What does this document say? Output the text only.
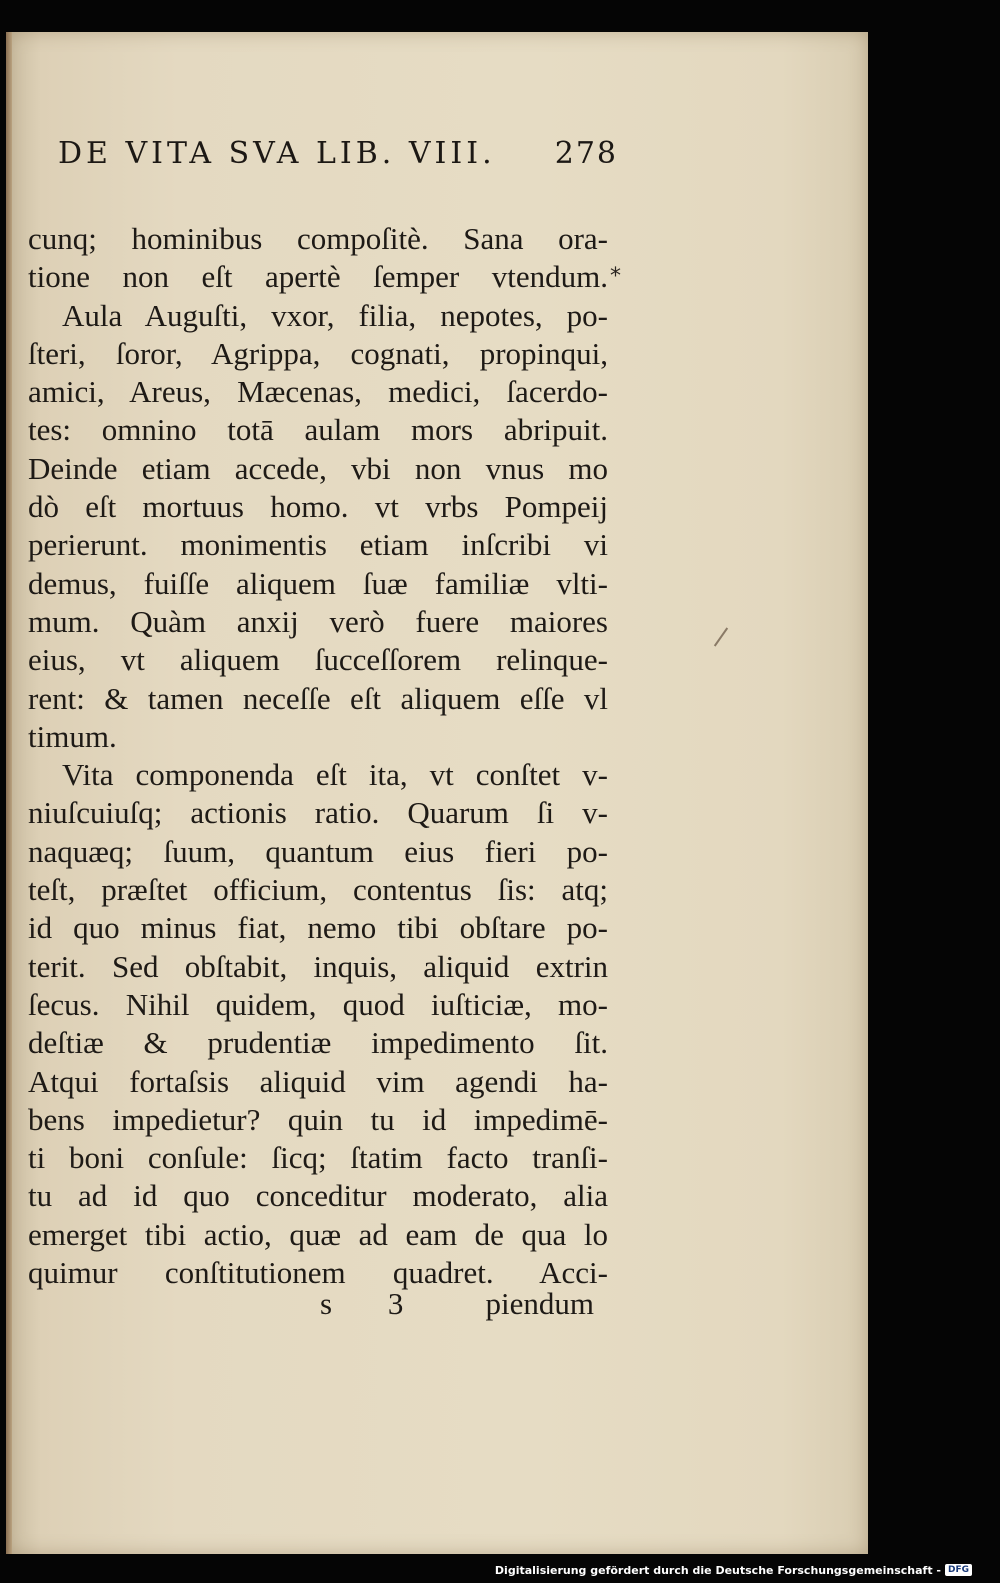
DE VITA SVA LIB. VIII. 278
*
cunq; hominibus compoſitè. Sana ora-
tione non eſt apertè ſemper vtendum.
Aula Auguſti, vxor, filia, nepotes, po-
ſteri, ſoror, Agrippa, cognati, propinqui,
amici, Areus, Mæcenas, medici, ſacerdo-
tes: omnino totā aulam mors abripuit.
Deinde etiam accede, vbi non vnus mo
dò eſt mortuus homo. vt vrbs Pompeij
perierunt. monimentis etiam inſcribi vi
demus, fuiſſe aliquem ſuæ familiæ vlti-
mum. Quàm anxij verò fuere maiores
eius, vt aliquem ſucceſſorem relinque-
rent: & tamen neceſſe eſt aliquem eſſe vl
timum.
Vita componenda eſt ita, vt conſtet v-
niuſcuiuſq; actionis ratio. Quarum ſi v-
naquæq; ſuum, quantum eius fieri po-
teſt, præſtet officium, contentus ſis: atq;
id quo minus fiat, nemo tibi obſtare po-
terit. Sed obſtabit, inquis, aliquid extrin
ſecus. Nihil quidem, quod iuſticiæ, mo-
deſtiæ & prudentiæ impedimento ſit.
Atqui fortaſsis aliquid vim agendi ha-
bens impedietur? quin tu id impedimē-
ti boni conſule: ſicq; ſtatim facto tranſi-
tu ad id quo conceditur moderato, alia
emerget tibi actio, quæ ad eam de qua lo
quimur conſtitutionem quadret. Acci-
s 3 piendum
Digitalisierung gefördert durch die Deutsche Forschungsgemeinschaft - DFG
